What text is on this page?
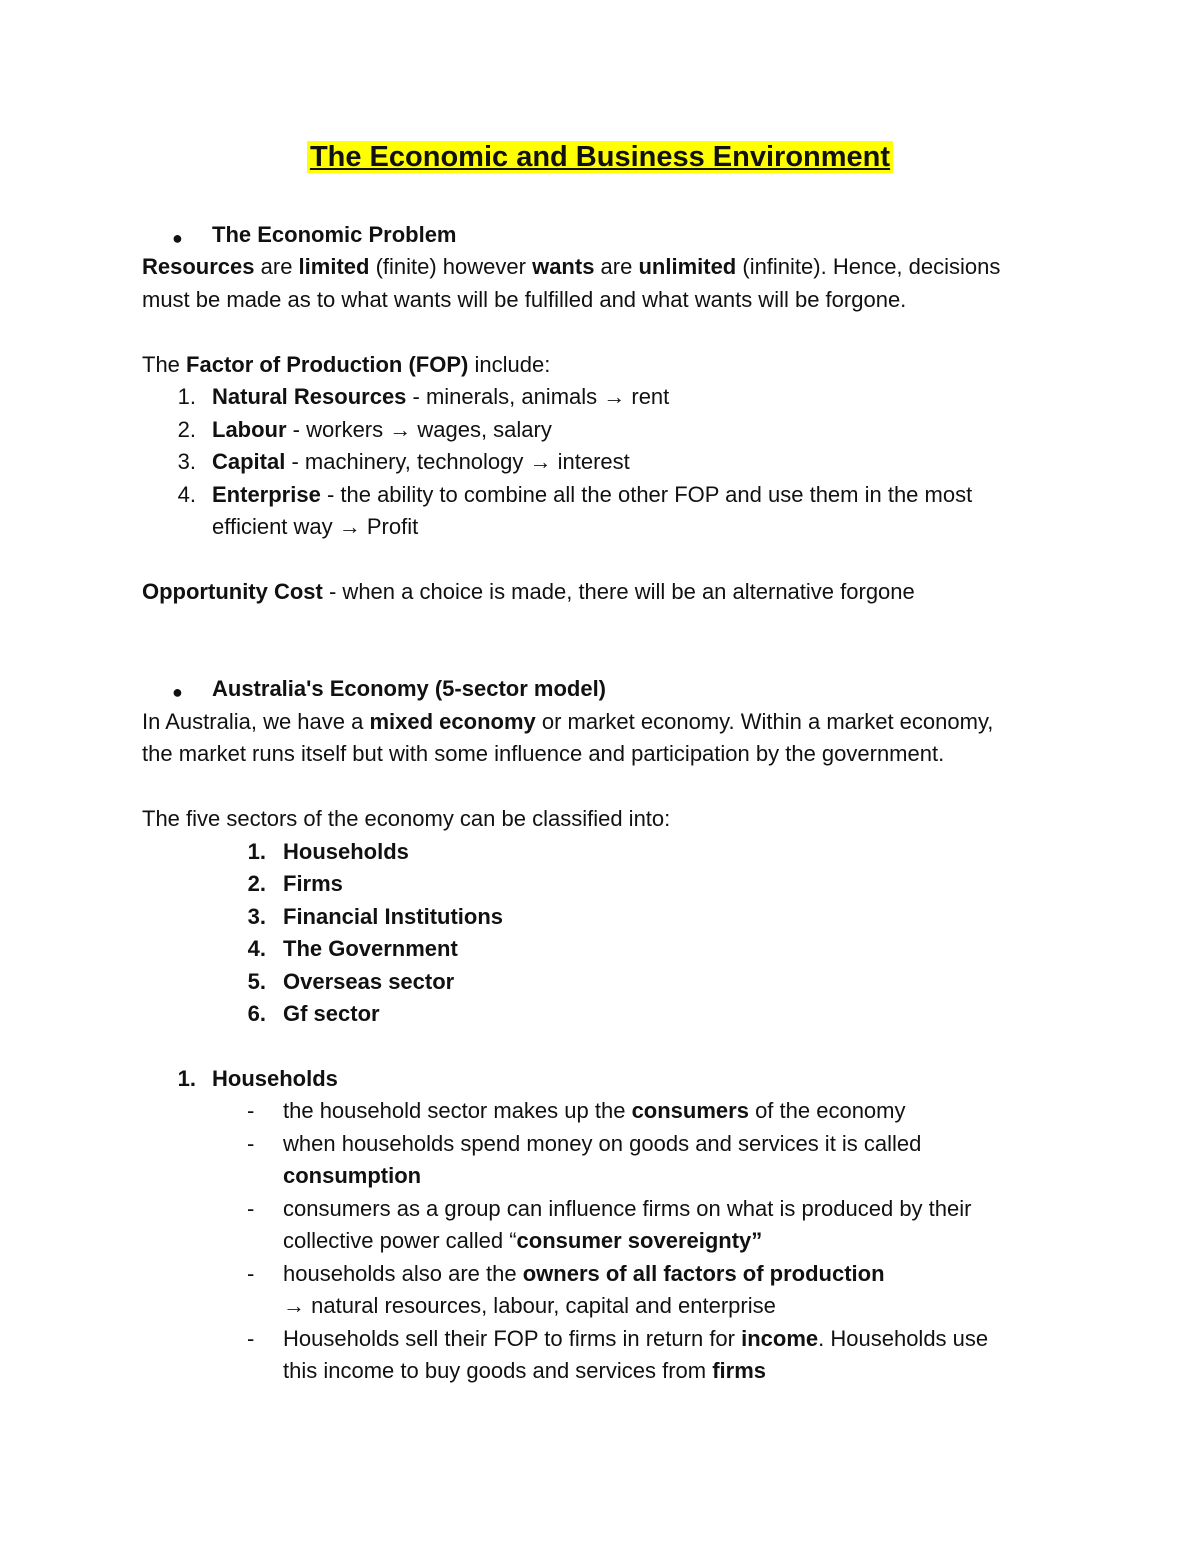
The Economic and Business Environment
● The Economic Problem
Resources are limited (finite) however wants are unlimited (infinite). Hence, decisions
must be made as to what wants will be fulfilled and what wants will be forgone.
The Factor of Production (FOP) include:
1. Natural Resources - minerals, animals → rent
2. Labour - workers → wages, salary
3. Capital - machinery, technology → interest
4. Enterprise - the ability to combine all the other FOP and use them in the most
efficient way → Profit
Opportunity Cost - when a choice is made, there will be an alternative forgone
● Australia's Economy (5-sector model)
In Australia, we have a mixed economy or market economy. Within a market economy,
the market runs itself but with some influence and participation by the government.
The five sectors of the economy can be classified into:
1. Households
2. Firms
3. Financial Institutions
4. The Government
5. Overseas sector
6. Gf sector
1. Households
- the household sector makes up the consumers of the economy
- when households spend money on goods and services it is called
consumption
- consumers as a group can influence firms on what is produced by their
collective power called “consumer sovereignty”
- households also are the owners of all factors of production
→ natural resources, labour, capital and enterprise
- Households sell their FOP to firms in return for income. Households use
this income to buy goods and services from firms
